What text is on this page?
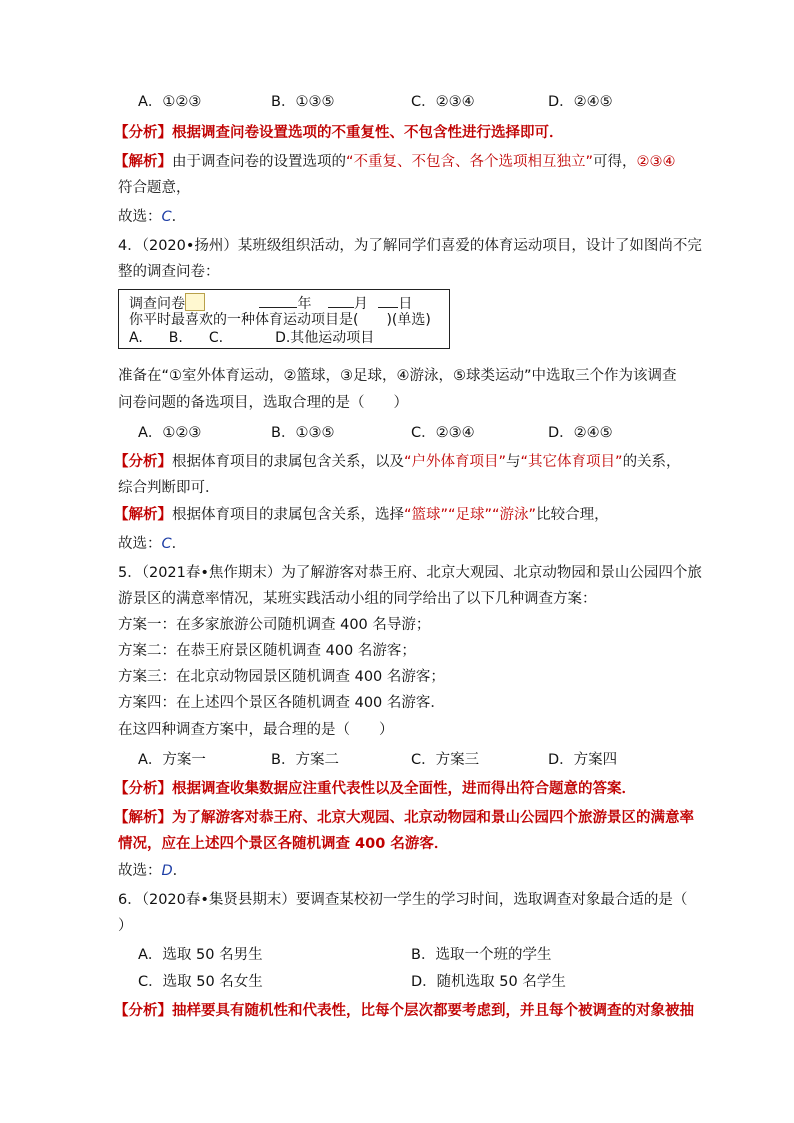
A．①②③	B．①③⑤	C．②③④	D．②④⑤
【分析】根据调查问卷设置选项的不重复性、不包含性进行选择即可．
【解析】由于调查问卷的设置选项的“不重复、不包含、各个选项相互独立”可得，②③④
符合题意，
故选：C．
4．（2020•扬州）某班级组织活动，为了解同学们喜爱的体育运动项目，设计了如图尚不完
整的调查问卷：
调查问卷	年	月 日
你平时最喜欢的一种体育运动项目是(　　)(单选)
A. B. C.	D.其他运动项目
准备在“①室外体育运动，②篮球，③足球，④游泳，⑤球类运动”中选取三个作为该调查
问卷问题的备选项目，选取合理的是（　　）
A．①②③	B．①③⑤	C．②③④	D．②④⑤
【分析】根据体育项目的隶属包含关系，以及“户外体育项目”与“其它体育项目”的关系，
综合判断即可．
【解析】根据体育项目的隶属包含关系，选择“篮球”“足球”“游泳”比较合理，
故选：C．
5．（2021春•焦作期末）为了解游客对恭王府、北京大观园、北京动物园和景山公园四个旅
游景区的满意率情况，某班实践活动小组的同学给出了以下几种调查方案：
方案一：在多家旅游公司随机调查 400 名导游；
方案二：在恭王府景区随机调查 400 名游客；
方案三：在北京动物园景区随机调查 400 名游客；
方案四：在上述四个景区各随机调查 400 名游客．
在这四种调查方案中，最合理的是（　　）
A．方案一	B．方案二	C．方案三	D．方案四
【分析】根据调查收集数据应注重代表性以及全面性，进而得出符合题意的答案．
【解析】为了解游客对恭王府、北京大观园、北京动物园和景山公园四个旅游景区的满意率
情况，应在上述四个景区各随机调查 400 名游客．
故选：D．
6．（2020春•集贤县期末）要调查某校初一学生的学习时间，选取调查对象最合适的是（
）
A．选取 50 名男生	B．选取一个班的学生
C．选取 50 名女生	D．随机选取 50 名学生
【分析】抽样要具有随机性和代表性，比每个层次都要考虑到，并且每个被调查的对象被抽
